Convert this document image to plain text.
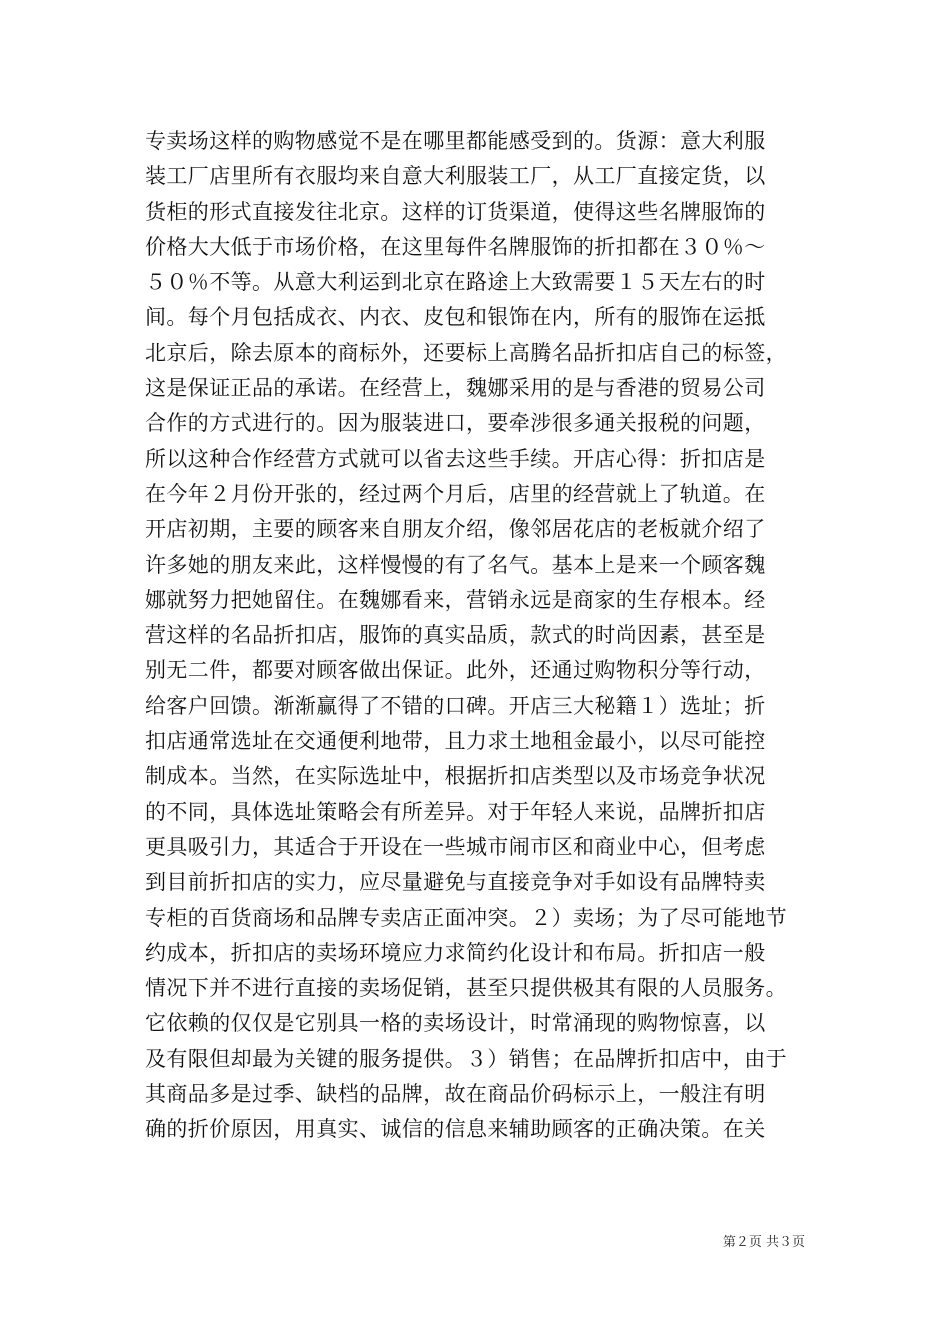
专卖场这样的购物感觉不是在哪里都能感受到的。货源：意大利服
装工厂店里所有衣服均来自意大利服装工厂，从工厂直接定货，以
货柜的形式直接发往北京。这样的订货渠道，使得这些名牌服饰的
价格大大低于市场价格，在这里每件名牌服饰的折扣都在３０％～
５０％不等。从意大利运到北京在路途上大致需要１５天左右的时
间。每个月包括成衣、内衣、皮包和银饰在内，所有的服饰在运抵
北京后，除去原本的商标外，还要标上高腾名品折扣店自己的标签，
这是保证正品的承诺。在经营上，魏娜采用的是与香港的贸易公司
合作的方式进行的。因为服装进口，要牵涉很多通关报税的问题，
所以这种合作经营方式就可以省去这些手续。开店心得：折扣店是
在今年２月份开张的，经过两个月后，店里的经营就上了轨道。在
开店初期，主要的顾客来自朋友介绍，像邻居花店的老板就介绍了
许多她的朋友来此，这样慢慢的有了名气。基本上是来一个顾客魏
娜就努力把她留住。在魏娜看来，营销永远是商家的生存根本。经
营这样的名品折扣店，服饰的真实品质，款式的时尚因素，甚至是
别无二件，都要对顾客做出保证。此外，还通过购物积分等行动，
给客户回馈。渐渐赢得了不错的口碑。开店三大秘籍１）选址；折
扣店通常选址在交通便利地带，且力求土地租金最小，以尽可能控
制成本。当然，在实际选址中，根据折扣店类型以及市场竞争状况
的不同，具体选址策略会有所差异。对于年轻人来说，品牌折扣店
更具吸引力，其适合于开设在一些城市闹市区和商业中心，但考虑
到目前折扣店的实力，应尽量避免与直接竞争对手如设有品牌特卖
专柜的百货商场和品牌专卖店正面冲突。２）卖场；为了尽可能地节
约成本，折扣店的卖场环境应力求简约化设计和布局。折扣店一般
情况下并不进行直接的卖场促销，甚至只提供极其有限的人员服务。
它依赖的仅仅是它别具一格的卖场设计，时常涌现的购物惊喜，以
及有限但却最为关键的服务提供。３）销售；在品牌折扣店中，由于
其商品多是过季、缺档的品牌，故在商品价码标示上，一般注有明
确的折价原因，用真实、诚信的信息来辅助顾客的正确决策。在关
第２页 共３页
